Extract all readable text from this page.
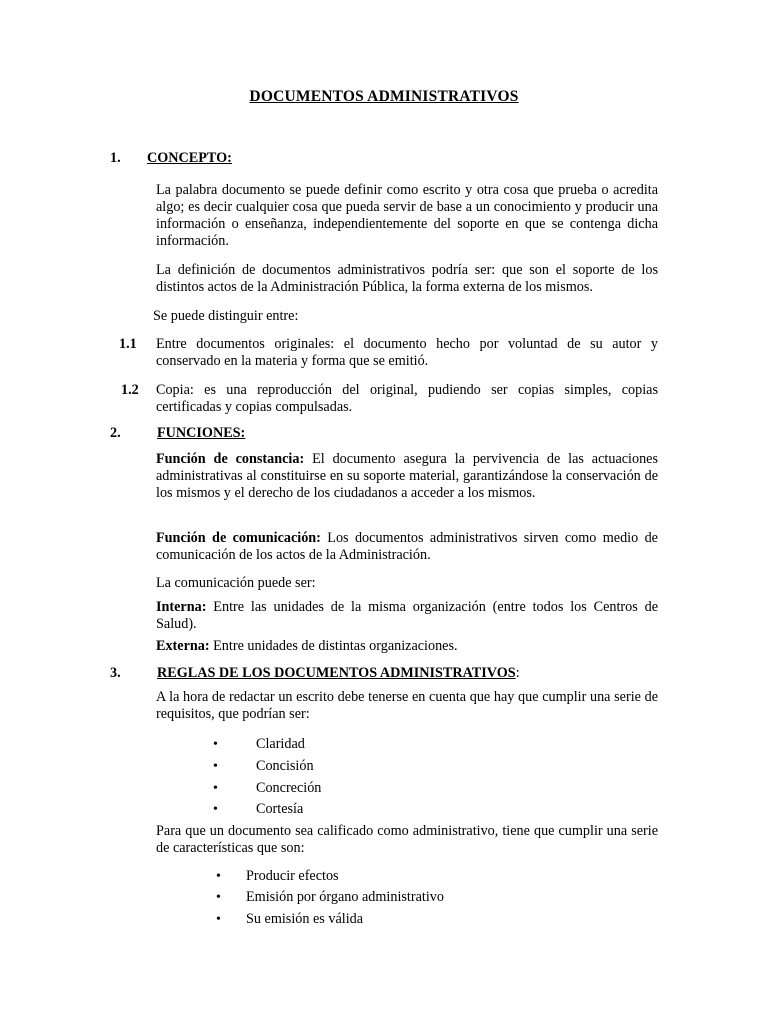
DOCUMENTOS ADMINISTRATIVOS
1. CONCEPTO:
La palabra documento se puede definir como escrito y otra cosa que prueba o acredita algo; es decir cualquier cosa que pueda servir de base a un conocimiento y producir una información o enseñanza, independientemente del soporte en que se contenga dicha información.
La definición de documentos administrativos podría ser: que son el soporte de los distintos actos de la Administración Pública, la forma externa de los mismos.
Se puede distinguir entre:
1.1 Entre documentos originales: el documento hecho por voluntad de su autor y conservado en la materia y forma que se emitió.
1.2 Copia: es una reproducción del original, pudiendo ser copias simples, copias certificadas y copias compulsadas.
2.	FUNCIONES:
Función de constancia: El documento asegura la pervivencia de las actuaciones administrativas al constituirse en su soporte material, garantizándose la conservación de los mismos y el derecho de los ciudadanos a acceder a los mismos.
Función de comunicación: Los documentos administrativos sirven como medio de comunicación de los actos de la Administración.
La comunicación puede ser:
Interna: Entre las unidades de la misma organización (entre todos los Centros de Salud).
Externa: Entre unidades de distintas organizaciones.
3.	REGLAS DE LOS DOCUMENTOS ADMINISTRATIVOS:
A la hora de redactar un escrito debe tenerse en cuenta que hay que cumplir una serie de requisitos, que podrían ser:
•	Claridad
•	Concisión
•	Concreción
•	Cortesía
Para que un documento sea calificado como administrativo, tiene que cumplir una serie de características que son:
• Producir efectos
• Emisión por órgano administrativo
• Su emisión es válida
